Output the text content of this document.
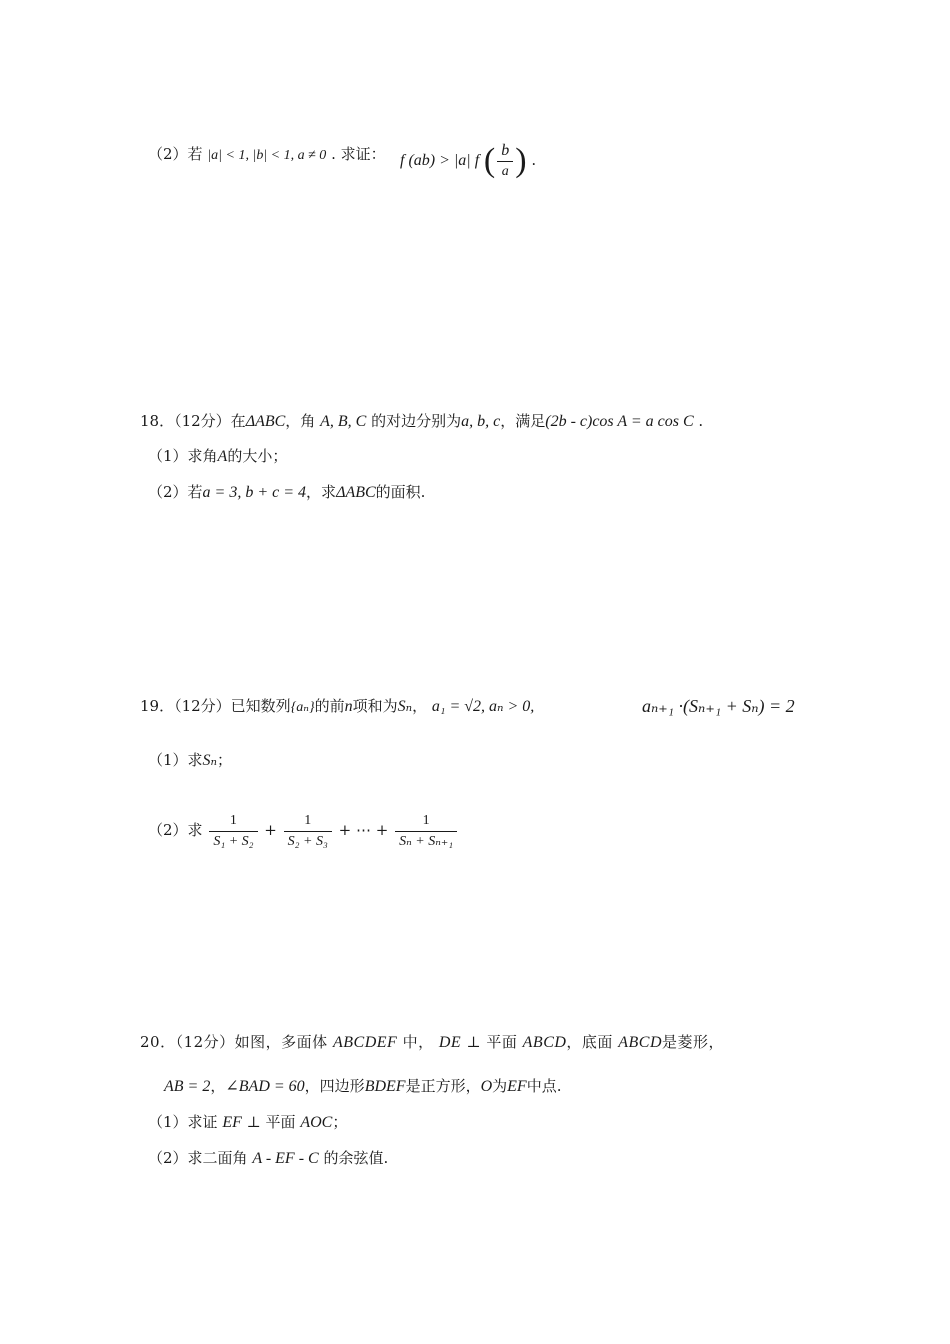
（2）若 |a| < 1, |b| < 1, a ≠ 0 . 求证： f (ab) > |a| f ( $\frac{b}{a}$ ) .
18．（12分）在ΔABC，角 A, B, C 的对边分别为a, b, c，满足(2b - c)cos A = a cos C .
（1）求角A的大小；
（2）若a = 3, b + c = 4，求ΔABC的面积.
19．（12分）已知数列{aₙ}的前n项和为Sₙ， a₁ = √2, aₙ > 0,	aₙ₊₁ ·(Sₙ₊₁ + Sₙ) = 2
（1）求Sₙ；
（2）求 $\frac{1}{\text{S₁ + S₂}} + \frac{1}{\text{S₂ + S₃}}$ + ⋯ + $\frac{1}{\text{Sₙ + Sₙ₊₁}}$
20．（12分）如图，多面体 ABCDEF 中， DE ⊥ 平面 ABCD，底面 ABCD是菱形，
AB = 2，∠BAD = 60，四边形BDEF是正方形，O为EF中点.
（1）求证 EF ⊥ 平面 AOC；
（2）求二面角 A - EF - C 的余弦值.
